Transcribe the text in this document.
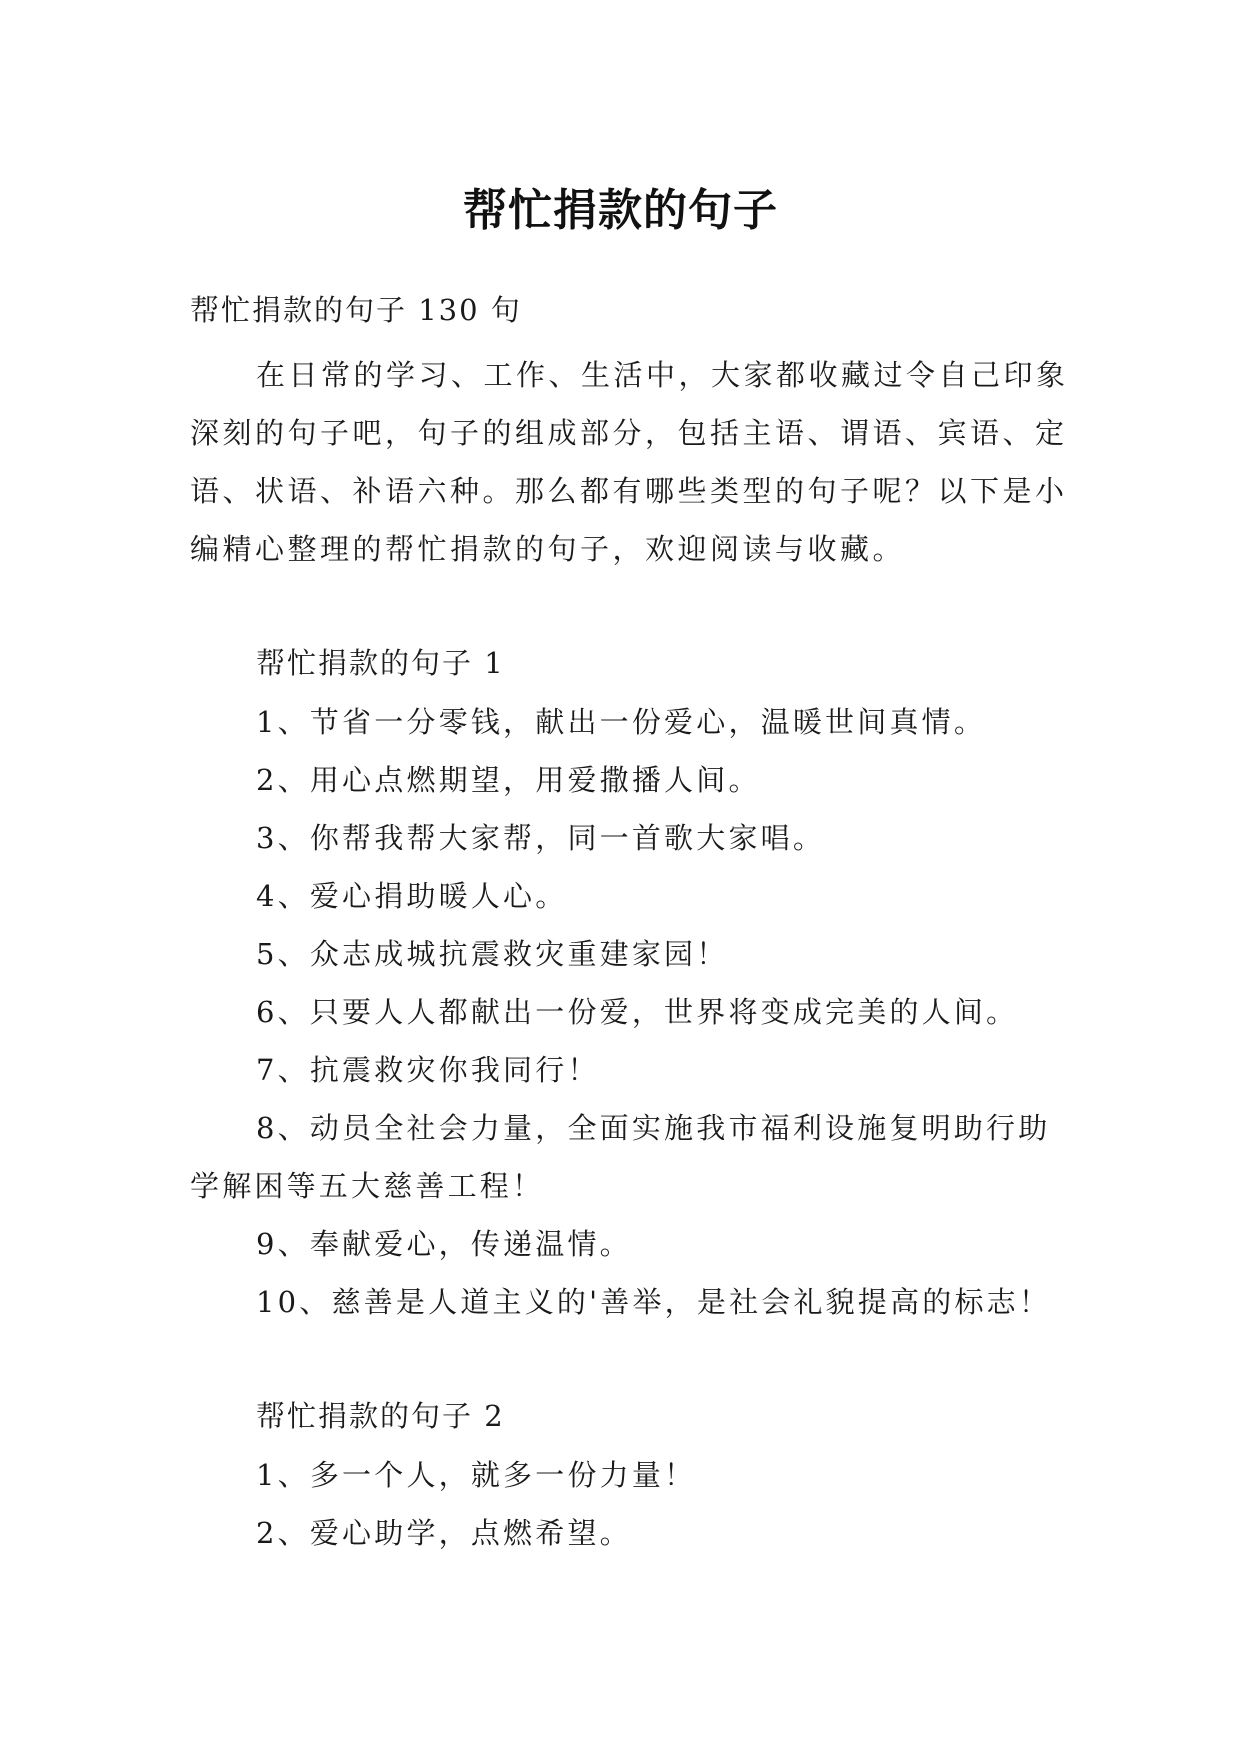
帮忙捐款的句子
帮忙捐款的句子 130 句

在日常的学习、工作、生活中，大家都收藏过令自己印象深刻的句子吧，句子的组成部分，包括主语、谓语、宾语、定语、状语、补语六种。那么都有哪些类型的句子呢？以下是小编精心整理的帮忙捐款的句子，欢迎阅读与收藏。

帮忙捐款的句子 1

1、节省一分零钱，献出一份爱心，温暖世间真情。

2、用心点燃期望，用爱撒播人间。

3、你帮我帮大家帮，同一首歌大家唱。

4、爱心捐助暖人心。

5、众志成城抗震救灾重建家园！

6、只要人人都献出一份爱，世界将变成完美的人间。

7、抗震救灾你我同行！

8、动员全社会力量，全面实施我市福利设施复明助行助学解困等五大慈善工程！

9、奉献爱心，传递温情。

10、慈善是人道主义的'善举，是社会礼貌提高的标志！

帮忙捐款的句子 2

1、多一个人，就多一份力量！

2、爱心助学，点燃希望。
